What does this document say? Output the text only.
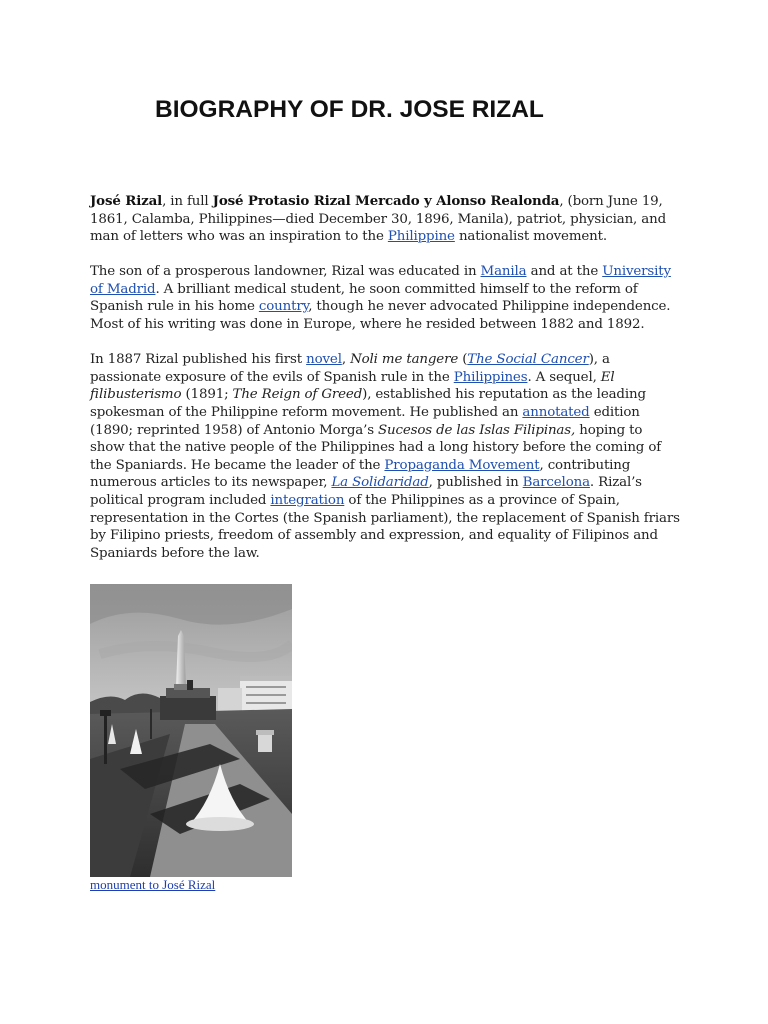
BIOGRAPHY OF DR. JOSE RIZAL

José Rizal, in full José Protasio Rizal Mercado y Alonso Realonda, (born June 19, 1861, Calamba, Philippines—died December 30, 1896, Manila), patriot, physician, and man of letters who was an inspiration to the Philippine nationalist movement.

The son of a prosperous landowner, Rizal was educated in Manila and at the University of Madrid. A brilliant medical student, he soon committed himself to the reform of Spanish rule in his home country, though he never advocated Philippine independence. Most of his writing was done in Europe, where he resided between 1882 and 1892.

In 1887 Rizal published his first novel, Noli me tangere (The Social Cancer), a passionate exposure of the evils of Spanish rule in the Philippines. A sequel, El filibusterismo (1891; The Reign of Greed), established his reputation as the leading spokesman of the Philippine reform movement. He published an annotated edition (1890; reprinted 1958) of Antonio Morga’s Sucesos de las Islas Filipinas, hoping to show that the native people of the Philippines had a long history before the coming of the Spaniards. He became the leader of the Propaganda Movement, contributing numerous articles to its newspaper, La Solidaridad, published in Barcelona. Rizal’s political program included integration of the Philippines as a province of Spain, representation in the Cortes (the Spanish parliament), the replacement of Spanish friars by Filipino priests, freedom of assembly and expression, and equality of Filipinos and Spaniards before the law.

monument to José Rizal
